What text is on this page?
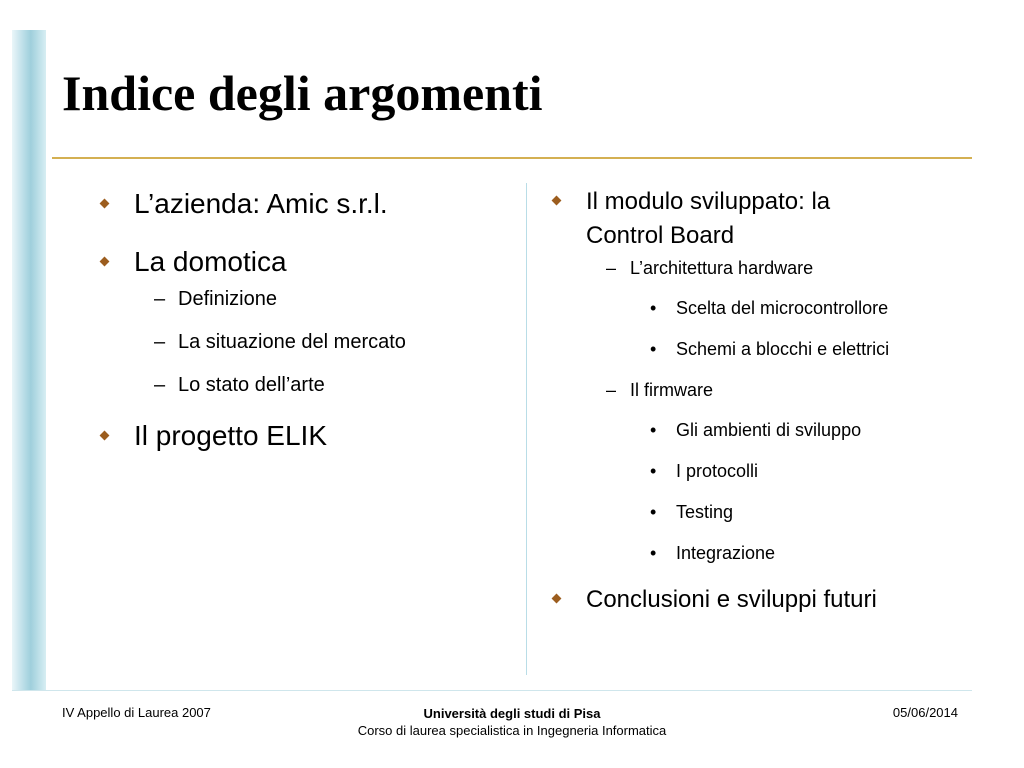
Indice degli argomenti
L’azienda: Amic s.r.l.
La domotica
– Definizione
– La situazione del mercato
– Lo stato dell’arte
Il progetto ELIK
Il modulo sviluppato: la
Control Board
– L’architettura hardware
• Scelta del microcontrollore
• Schemi a blocchi e elettrici
– Il firmware
• Gli ambienti di sviluppo
• I protocolli
• Testing
• Integrazione
Conclusioni e sviluppi futuri
IV Appello di Laurea 2007	Università degli studi di Pisa
Corso di laurea specialistica in Ingegneria Informatica
05/06/2014
